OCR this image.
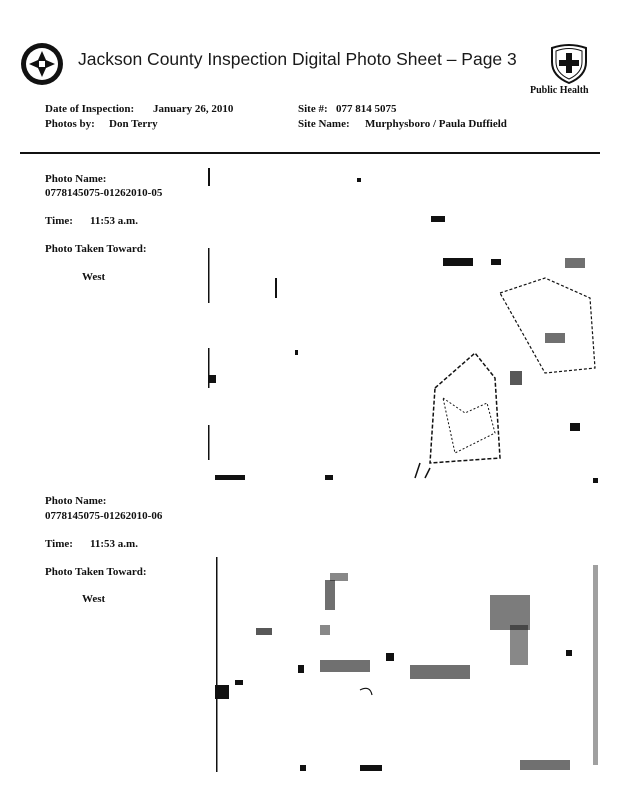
Jackson County Inspection Digital Photo Sheet – Page 3
Public Health
Date of Inspection: January 26, 2010
Photos by: Don Terry
Site #: 077 814 5075
Site Name: Murphysboro / Paula Duffield
Photo Name:
0778145075-01262010-05
Time: 11:53 a.m.
Photo Taken Toward:
West
Photo Name:
0778145075-01262010-06
Time: 11:53 a.m.
Photo Taken Toward:
West
